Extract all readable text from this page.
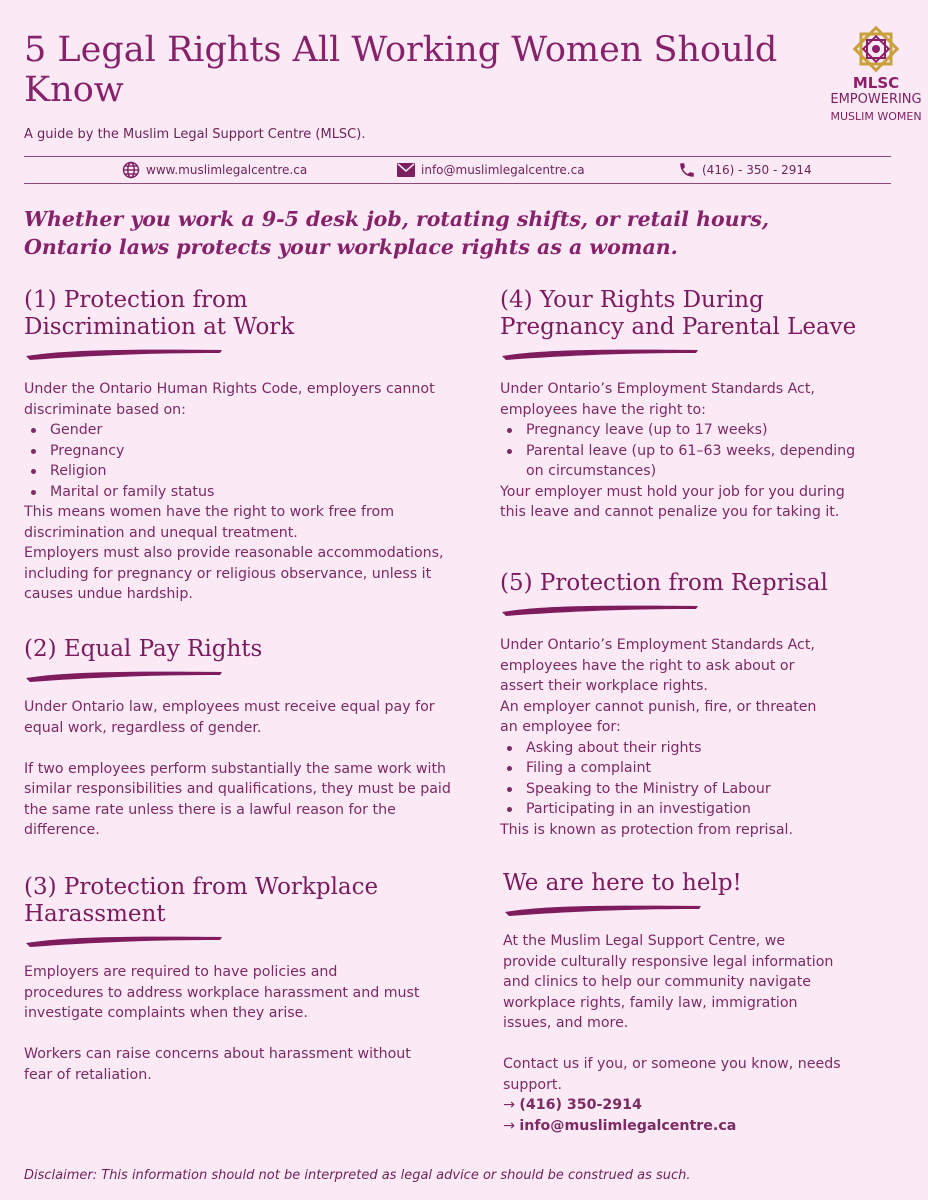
5 Legal Rights All Working Women Should Know
A guide by the Muslim Legal Support Centre (MLSC).
MLSC
EMPOWERING
MUSLIM WOMEN
www.muslimlegalcentre.ca	info@muslimlegalcentre.ca	(416) - 350 - 2914
Whether you work a 9-5 desk job, rotating shifts, or retail hours,
Ontario laws protects your workplace rights as a woman.
(1) Protection from
Discrimination at Work

Under the Ontario Human Rights Code, employers cannot

discriminate based on:

Gender
Pregnancy
Religion
Marital or family status

This means women have the right to work free from

discrimination and unequal treatment.

Employers must also provide reasonable accommodations,

including for pregnancy or religious observance, unless it

causes undue hardship.

(2) Equal Pay Rights

Under Ontario law, employees must receive equal pay for

equal work, regardless of gender.

If two employees perform substantially the same work with

similar responsibilities and qualifications, they must be paid

the same rate unless there is a lawful reason for the

difference.

(3) Protection from Workplace
Harassment

Employers are required to have policies and

procedures to address workplace harassment and must

investigate complaints when they arise.

Workers can raise concerns about harassment without

fear of retaliation.

(4) Your Rights During
Pregnancy and Parental Leave

Under Ontario’s Employment Standards Act,

employees have the right to:

Pregnancy leave (up to 17 weeks)
Parental leave (up to 61–63 weeks, depending
on circumstances)

Your employer must hold your job for you during

this leave and cannot penalize you for taking it.

(5) Protection from Reprisal

Under Ontario’s Employment Standards Act,

employees have the right to ask about or

assert their workplace rights.

An employer cannot punish, fire, or threaten

an employee for:

Asking about their rights
Filing a complaint
Speaking to the Ministry of Labour
Participating in an investigation

This is known as protection from reprisal.

We are here to help!

At the Muslim Legal Support Centre, we

provide culturally responsive legal information

and clinics to help our community navigate

workplace rights, family law, immigration

issues, and more.

Contact us if you, or someone you know, needs

support.

→ (416) 350-2914

→ info@muslimlegalcentre.ca

Disclaimer: This information should not be interpreted as legal advice or should be construed as such.
